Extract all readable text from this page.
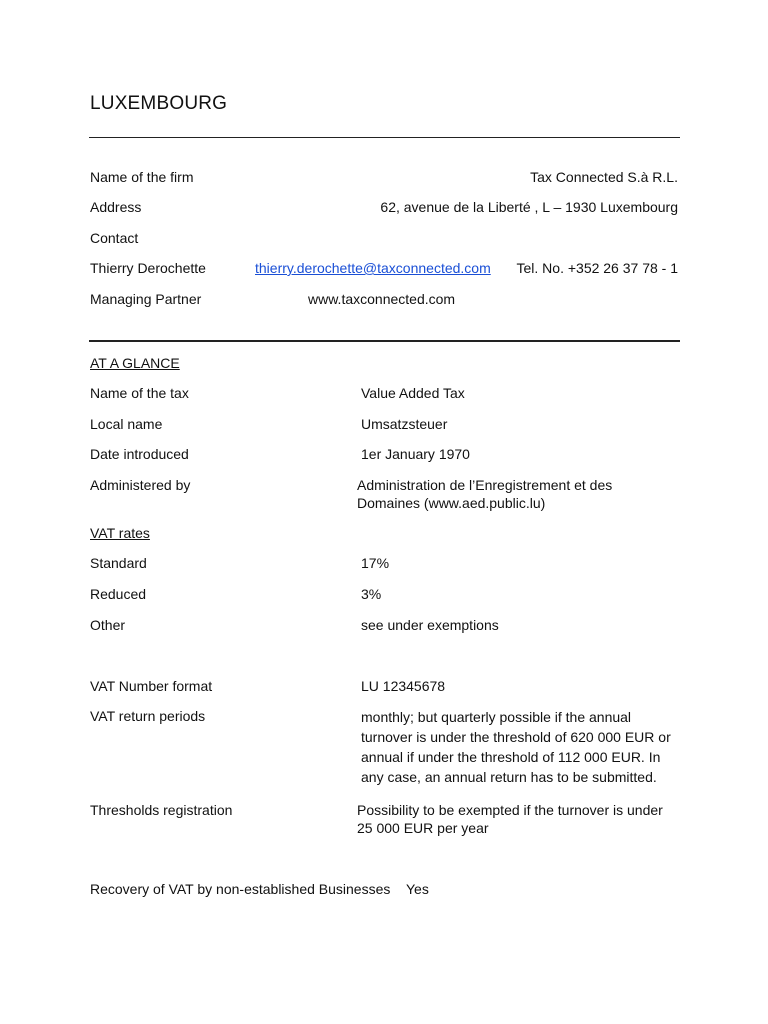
LUXEMBOURG
Name of the firm	Tax Connected S.à R.L.
Address	62, avenue de la Liberté , L – 1930 Luxembourg
Contact
Thierry Derochette	thierry.derochette@taxconnected.com Tel. No. +352 26 37 78 - 1
Managing Partner	www.taxconnected.com
AT A GLANCE
Name of the tax	Value Added Tax
Local name	Umsatzsteuer
Date introduced	1er January 1970
Administered by	Administration de l’Enregistrement et des Domaines (www.aed.public.lu)
VAT rates
Standard	17%
Reduced	3%
Other	see under exemptions
VAT Number format	LU 12345678
VAT return periods	monthly; but quarterly possible if the annual turnover is under the threshold of 620 000 EUR or annual if under the threshold of 112 000 EUR. In any case, an annual return has to be submitted.
Thresholds registration	Possibility to be exempted if the turnover is under 25 000 EUR per year
Recovery of VAT by non-established Businesses Yes
